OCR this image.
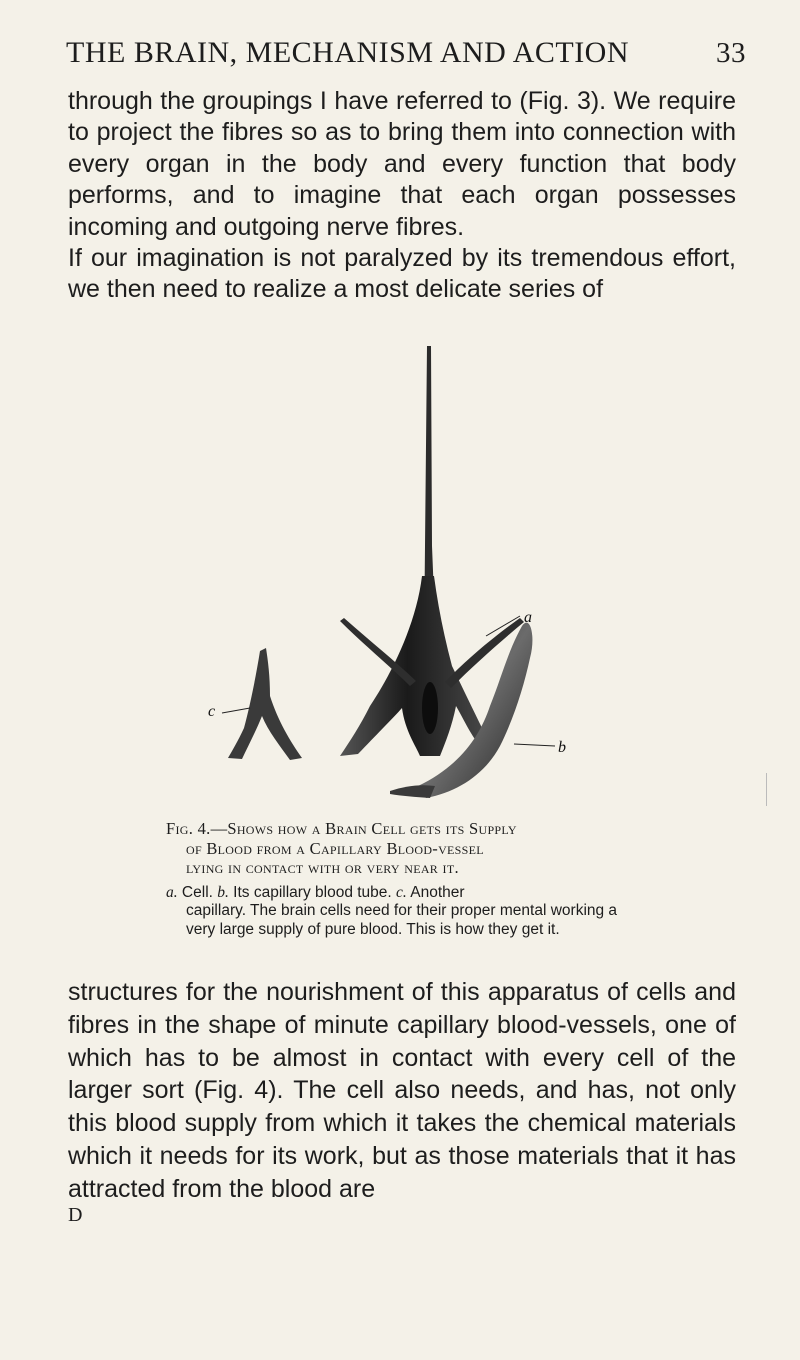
THE BRAIN, MECHANISM AND ACTION	33

through the groupings I have referred to (Fig. 3). We require to project the fibres so as to bring them into connection with every organ in the body and every function that body performs, and to imagine that each organ possesses incoming and outgoing nerve fibres.

If our imagination is not paralyzed by its tremendous effort, we then need to realize a most delicate series of

a
b
c

Fig. 4.—Shows how a Brain Cell gets its Supply
of Blood from a Capillary Blood-vessel
lying in contact with or very near it.

a. Cell. b. Its capillary blood tube. c. Another
capillary. The brain cells need for their proper mental working a very large supply of pure blood. This is how they get it.

structures for the nourishment of this apparatus of cells and fibres in the shape of minute capillary blood-vessels, one of which has to be almost in contact with every cell of the larger sort (Fig. 4). The cell also needs, and has, not only this blood supply from which it takes the chemical materials which it needs for its work, but as those materials that it has attracted from the blood are

D
